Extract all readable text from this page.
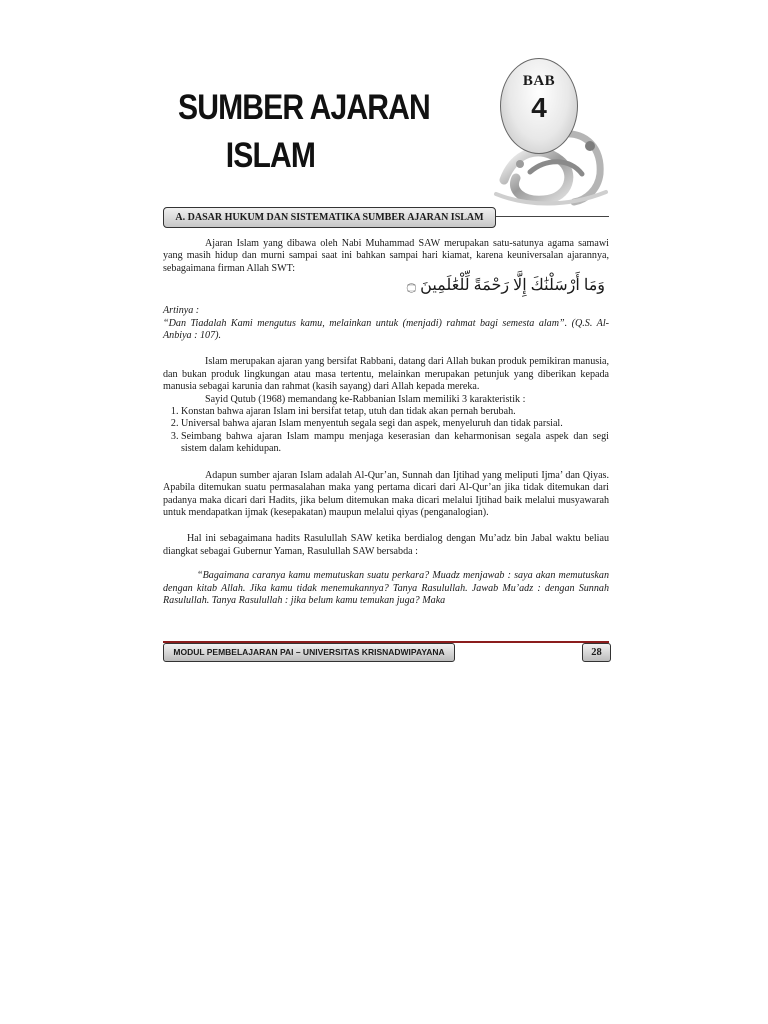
SUMBER AJARAN
ISLAM
BAB
4
A. DASAR HUKUM DAN SISTEMATIKA SUMBER AJARAN ISLAM

Ajaran Islam yang dibawa oleh Nabi Muhammad SAW merupakan satu-satunya agama samawi yang masih hidup dan murni sampai saat ini bahkan sampai hari kiamat, karena keuniversalan ajarannya, sebagaimana firman Allah SWT:

وَمَا أَرْسَلْنَٰكَ إِلَّا رَحْمَةً لِّلْعَٰلَمِينَ ۝

Artinya :

“Dan Tiadalah Kami mengutus kamu, melainkan untuk (menjadi) rahmat bagi semesta alam”. (Q.S. Al-Anbiya : 107).

Islam merupakan ajaran yang bersifat Rabbani, datang dari Allah bukan produk pemikiran manusia, dan bukan produk lingkungan atau masa tertentu, melainkan merupakan petunjuk yang diberikan kepada manusia sebagai karunia dan rahmat (kasih sayang) dari Allah kepada mereka.

Sayid Qutub (1968) memandang ke-Rabbanian Islam memiliki 3 karakteristik :

1. Konstan bahwa ajaran Islam ini bersifat tetap, utuh dan tidak akan pernah berubah.
2. Universal bahwa ajaran Islam menyentuh segala segi dan aspek, menyeluruh dan tidak parsial.
3. Seimbang bahwa ajaran Islam mampu menjaga keserasian dan keharmonisan segala aspek dan segi sistem dalam kehidupan.

Adapun sumber ajaran Islam adalah Al-Qur’an, Sunnah dan Ijtihad yang meliputi Ijma’ dan Qiyas. Apabila ditemukan suatu permasalahan maka yang pertama dicari dari Al-Qur’an jika tidak ditemukan dari padanya maka dicari dari Hadits, jika belum ditemukan maka dicari melalui Ijtihad baik melalui musyawarah untuk mendapatkan ijmak (kesepakatan) maupun melalui qiyas (penganalogian).

Hal ini sebagaimana hadits Rasulullah SAW ketika berdialog dengan Mu’adz bin Jabal waktu beliau diangkat sebagai Gubernur Yaman, Rasulullah SAW bersabda :

“Bagaimana caranya kamu memutuskan suatu perkara? Muadz menjawab : saya akan memutuskan dengan kitab Allah. Jika kamu tidak menemukannya? Tanya Rasulullah. Jawab Mu’adz : dengan Sunnah Rasulullah. Tanya Rasulullah : jika belum kamu temukan juga? Maka

MODUL PEMBELAJARAN PAI – UNIVERSITAS KRISNADWIPAYANA	28
